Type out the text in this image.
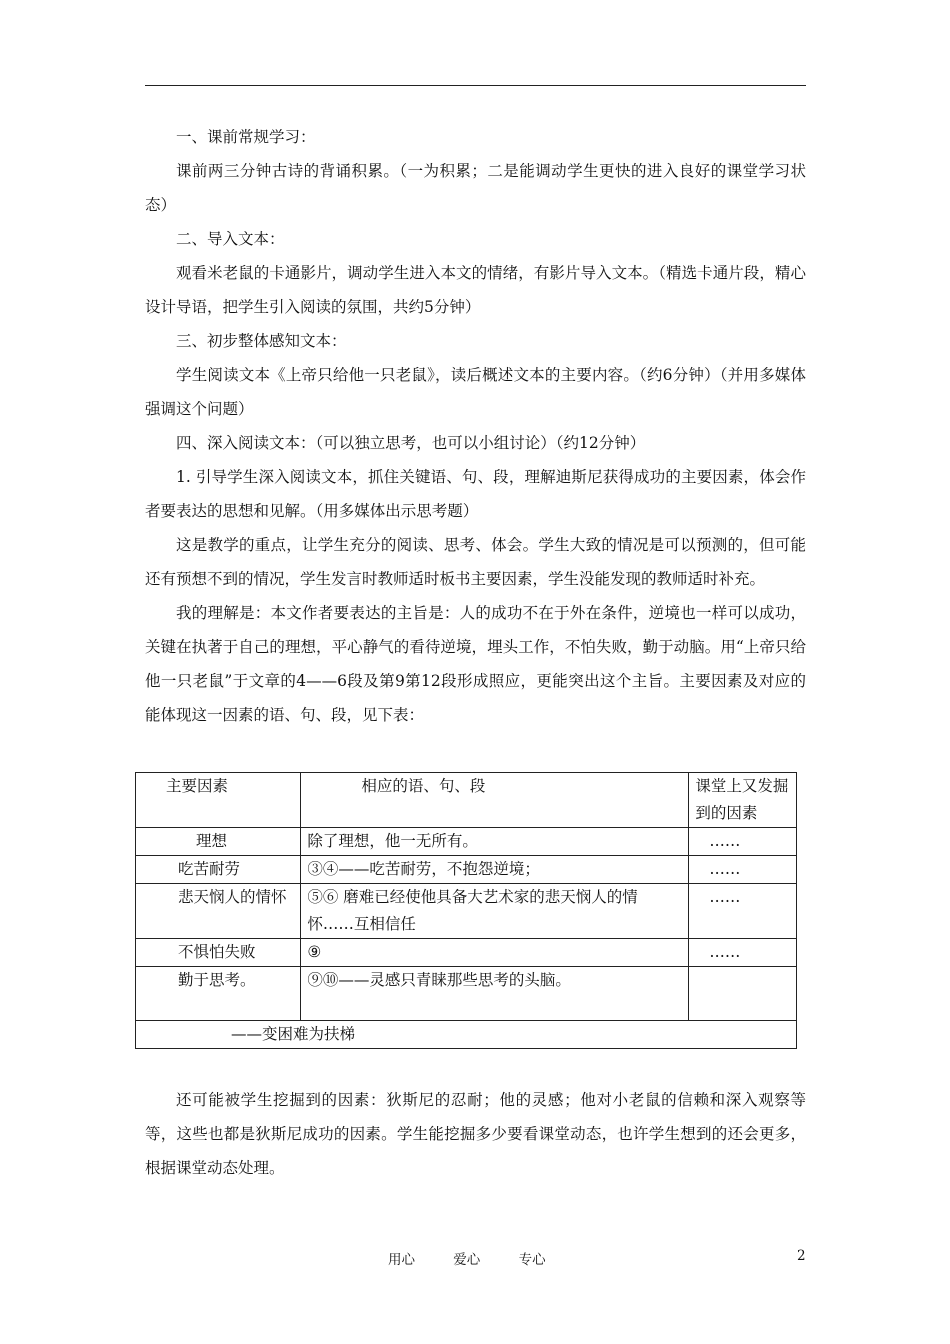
一、课前常规学习：

课前两三分钟古诗的背诵积累。（一为积累；二是能调动学生更快的进入良好的课堂学习状态）

二、导入文本：

观看米老鼠的卡通影片，调动学生进入本文的情绪，有影片导入文本。（精选卡通片段，精心设计导语，把学生引入阅读的氛围，共约5分钟）

三、初步整体感知文本：

学生阅读文本《上帝只给他一只老鼠》，读后概述文本的主要内容。（约6分钟）（并用多媒体强调这个问题）

四、深入阅读文本：（可以独立思考，也可以小组讨论）（约12分钟）

1. 引导学生深入阅读文本，抓住关键语、句、段，理解迪斯尼获得成功的主要因素，体会作者要表达的思想和见解。（用多媒体出示思考题）

这是教学的重点，让学生充分的阅读、思考、体会。学生大致的情况是可以预测的，但可能还有预想不到的情况，学生发言时教师适时板书主要因素，学生没能发现的教师适时补充。

我的理解是：本文作者要表达的主旨是：人的成功不在于外在条件，逆境也一样可以成功，关键在执著于自己的理想，平心静气的看待逆境，埋头工作，不怕失败，勤于动脑。用“上帝只给他一只老鼠”于文章的4——6段及第9第12段形成照应，更能突出这个主旨。主要因素及对应的能体现这一因素的语、句、段，见下表：

主要因素	相应的语、句、段	课堂上又发掘到的因素
理想	除了理想，他一无所有。	……
吃苦耐劳	③④——吃苦耐劳，不抱怨逆境；	……
悲天悯人的情怀	⑤⑥ 磨难已经使他具备大艺术家的悲天悯人的情怀……互相信任	……
不惧怕失败	⑨	……
勤于思考。	⑨⑩——灵感只青睐那些思考的头脑。	
——变困难为扶梯		

还可能被学生挖掘到的因素：狄斯尼的忍耐；他的灵感；他对小老鼠的信赖和深入观察等等，这些也都是狄斯尼成功的因素。学生能挖掘多少要看课堂动态，也许学生想到的还会更多，根据课堂动态处理。

用心	爱心	专心	2
